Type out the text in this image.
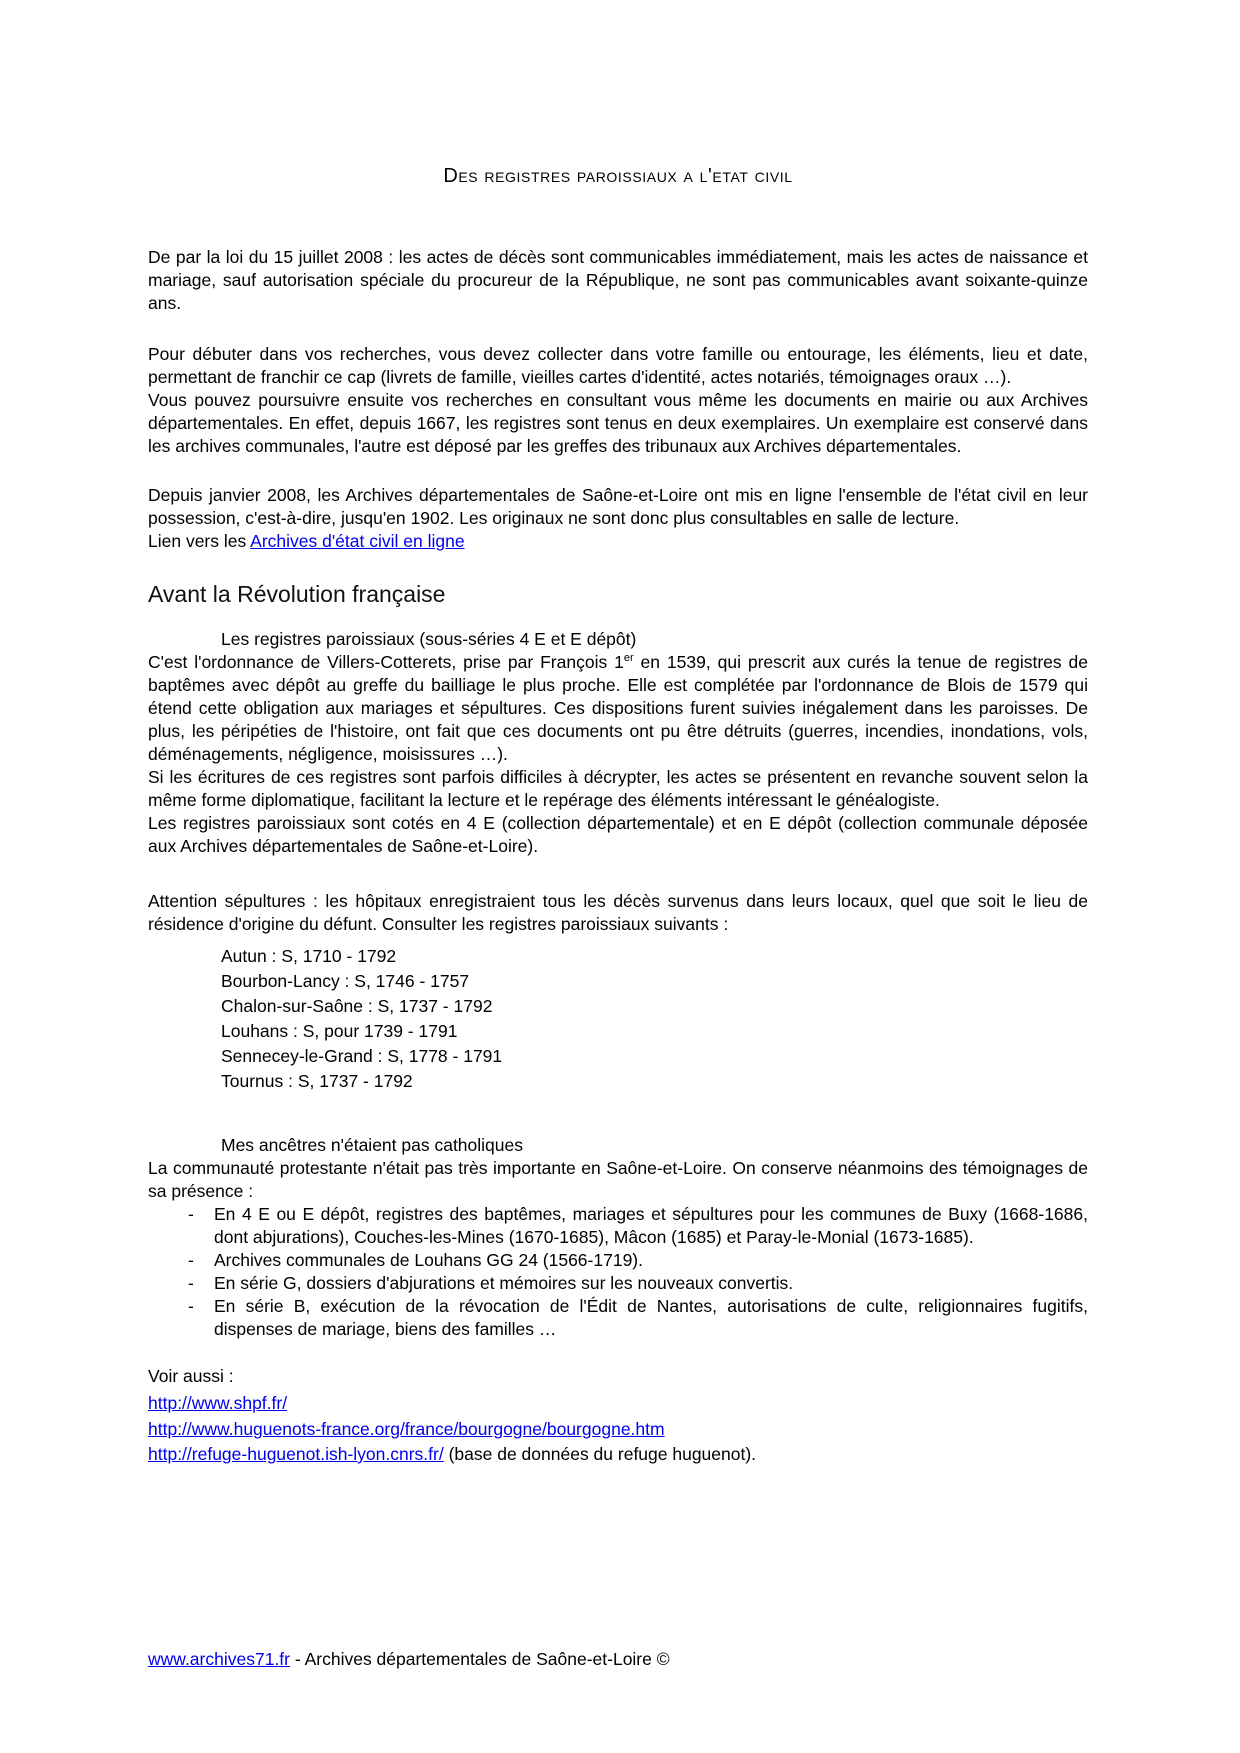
Des registres paroissiaux a l'etat civil

De par la loi du 15 juillet 2008 : les actes de décès sont communicables immédiatement, mais les actes de naissance et mariage, sauf autorisation spéciale du procureur de la République, ne sont pas communicables avant soixante-quinze ans.

Pour débuter dans vos recherches, vous devez collecter dans votre famille ou entourage, les éléments, lieu et date, permettant de franchir ce cap (livrets de famille, vieilles cartes d'identité, actes notariés, témoignages oraux …).

Vous pouvez poursuivre ensuite vos recherches en consultant vous même les documents en mairie ou aux Archives départementales. En effet, depuis 1667, les registres sont tenus en deux exemplaires. Un exemplaire est conservé dans les archives communales, l'autre est déposé par les greffes des tribunaux aux Archives départementales.

Depuis janvier 2008, les Archives départementales de Saône-et-Loire ont mis en ligne l'ensemble de l'état civil en leur possession, c'est-à-dire, jusqu'en 1902. Les originaux ne sont donc plus consultables en salle de lecture.

Lien vers les Archives d'état civil en ligne

Avant la Révolution française
Les registres paroissiaux (sous-séries 4 E et E dépôt)

C'est l'ordonnance de Villers-Cotterets, prise par François 1er en 1539, qui prescrit aux curés la tenue de registres de baptêmes avec dépôt au greffe du bailliage le plus proche. Elle est complétée par l'ordonnance de Blois de 1579 qui étend cette obligation aux mariages et sépultures. Ces dispositions furent suivies inégalement dans les paroisses. De plus, les péripéties de l'histoire, ont fait que ces documents ont pu être détruits (guerres, incendies, inondations, vols, déménagements, négligence, moisissures …).

Si les écritures de ces registres sont parfois difficiles à décrypter, les actes se présentent en revanche souvent selon la même forme diplomatique, facilitant la lecture et le repérage des éléments intéressant le généalogiste.

Les registres paroissiaux sont cotés en 4 E (collection départementale) et en E dépôt (collection communale déposée aux Archives départementales de Saône-et-Loire).

Attention sépultures : les hôpitaux enregistraient tous les décès survenus dans leurs locaux, quel que soit le lieu de résidence d'origine du défunt. Consulter les registres paroissiaux suivants :

Autun : S, 1710 - 1792
Bourbon-Lancy : S, 1746 - 1757
Chalon-sur-Saône : S, 1737 - 1792
Louhans : S, pour 1739 - 1791
Sennecey-le-Grand : S, 1778 - 1791
Tournus : S, 1737 - 1792
Mes ancêtres n'étaient pas catholiques

La communauté protestante n'était pas très importante en Saône-et-Loire. On conserve néanmoins des témoignages de sa présence :

-	En 4 E ou E dépôt, registres des baptêmes, mariages et sépultures pour les communes de Buxy (1668-1686, dont abjurations), Couches-les-Mines (1670-1685), Mâcon (1685) et Paray-le-Monial (1673-1685).
-	Archives communales de Louhans GG 24 (1566-1719).
-	En série G, dossiers d'abjurations et mémoires sur les nouveaux convertis.
-	En série B, exécution de la révocation de l'Édit de Nantes, autorisations de culte, religionnaires fugitifs, dispenses de mariage, biens des familles …

Voir aussi :

http://www.shpf.fr/
http://www.huguenots-france.org/france/bourgogne/bourgogne.htm
http://refuge-huguenot.ish-lyon.cnrs.fr/ (base de données du refuge huguenot).
www.archives71.fr - Archives départementales de Saône-et-Loire ©
